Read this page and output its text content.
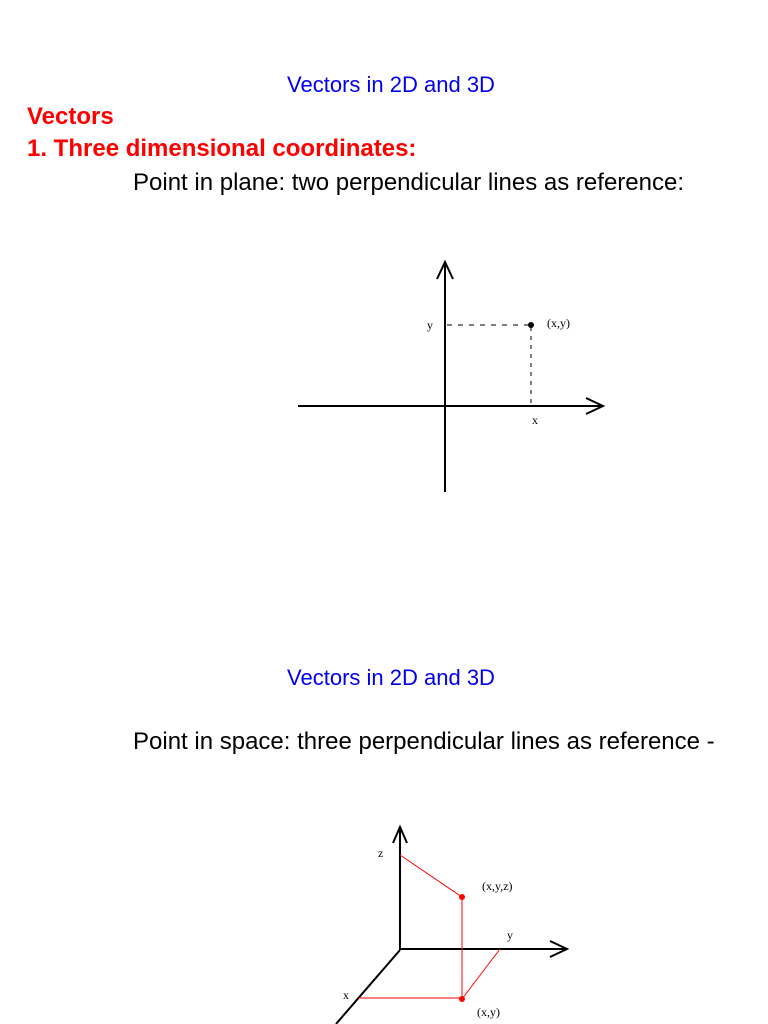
Vectors in 2D and 3D
Vectors
1. Three dimensional coordinates:

Point in plane: two perpendicular lines as reference:

y
x
(x,y)
Vectors in 2D and 3D

Point in space: three perpendicular lines as reference -

z
y
x
(x,y,z)
(x,y)
